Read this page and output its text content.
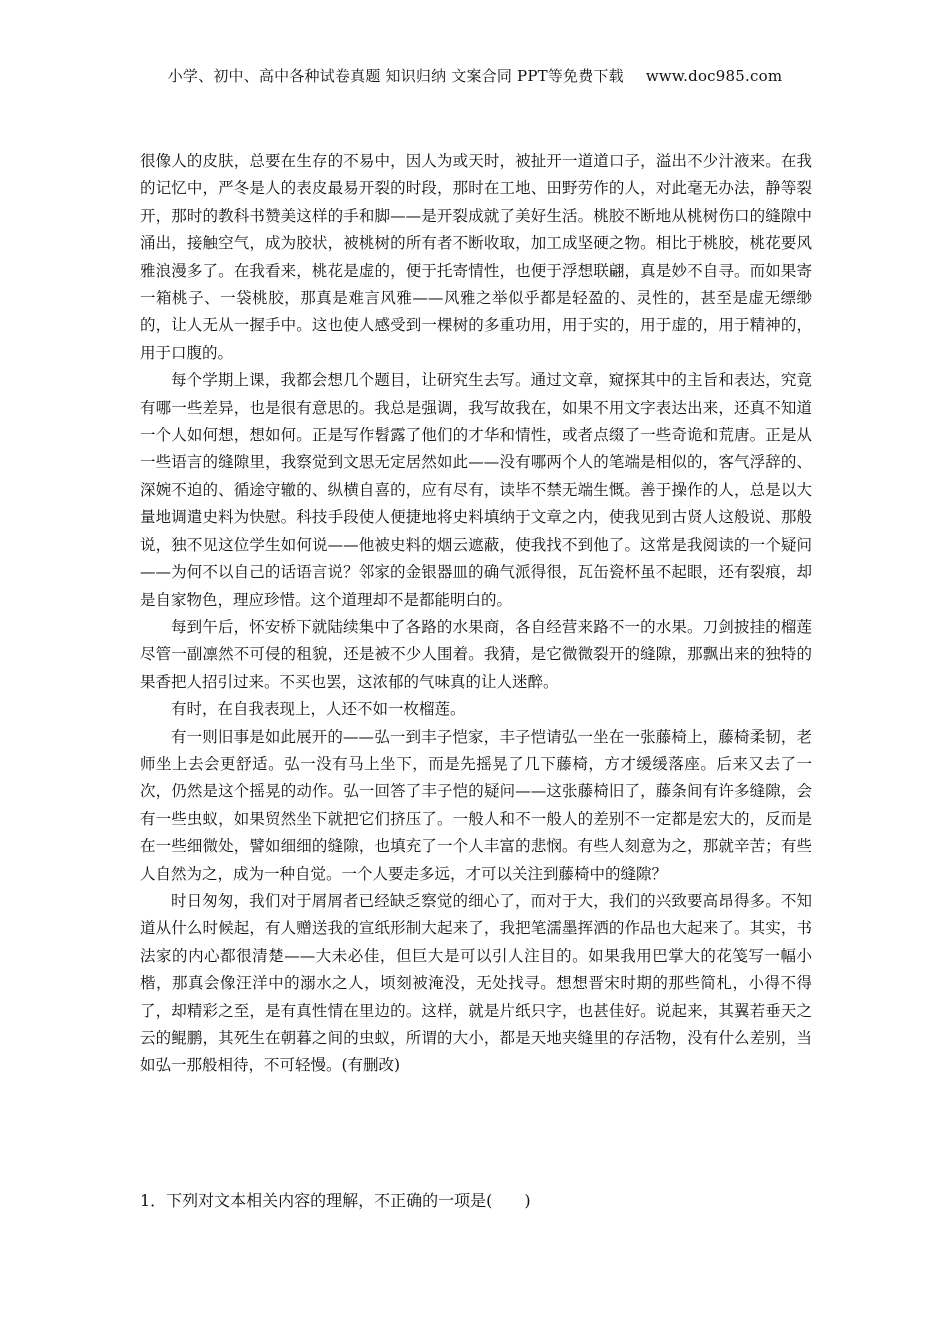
小学、初中、高中各种试卷真题 知识归纳 文案合同 PPT等免费下载 www.doc985.com

很像人的皮肤，总要在生存的不易中，因人为或天时，被扯开一道道口子，溢出不少汁液来。在我的记忆中，严冬是人的表皮最易开裂的时段，那时在工地、田野劳作的人，对此毫无办法，静等裂开，那时的教科书赞美这样的手和脚——是开裂成就了美好生活。桃胶不断地从桃树伤口的缝隙中涌出，接触空气，成为胶状，被桃树的所有者不断收取，加工成坚硬之物。相比于桃胶，桃花要风雅浪漫多了。在我看来，桃花是虚的，便于托寄情性，也便于浮想联翩，真是妙不自寻。而如果寄一箱桃子、一袋桃胶，那真是难言风雅——风雅之举似乎都是轻盈的、灵性的，甚至是虚无缥缈的，让人无从一握手中。这也使人感受到一棵树的多重功用，用于实的，用于虚的，用于精神的，用于口腹的。

每个学期上课，我都会想几个题目，让研究生去写。通过文章，窥探其中的主旨和表达，究竟有哪一些差异，也是很有意思的。我总是强调，我写故我在，如果不用文字表达出来，还真不知道一个人如何想，想如何。正是写作髫露了他们的才华和情性，或者点缀了一些奇诡和荒唐。正是从一些语言的缝隙里，我察觉到文思无定居然如此——没有哪两个人的笔端是相似的，客气浮辞的、深婉不迫的、循途守辙的、纵横自喜的，应有尽有，读毕不禁无端生慨。善于操作的人，总是以大量地调遣史料为快慰。科技手段使人便捷地将史料填纳于文章之内，使我见到古贤人这般说、那般说，独不见这位学生如何说——他被史料的烟云遮蔽，使我找不到他了。这常是我阅读的一个疑问——为何不以自己的话语言说？邻家的金银器皿的确气派得很，瓦缶瓷杯虽不起眼，还有裂痕，却是自家物色，理应珍惜。这个道理却不是都能明白的。

每到午后，怀安桥下就陆续集中了各路的水果商，各自经营来路不一的水果。刀剑披挂的榴莲尽管一副凛然不可侵的租貌，还是被不少人围着。我猜，是它微微裂开的缝隙，那飘出来的独特的果香把人招引过来。不买也罢，这浓郁的气味真的让人迷醉。

有时，在自我表现上，人还不如一枚榴莲。

有一则旧事是如此展开的——弘一到丰子恺家，丰子恺请弘一坐在一张藤椅上，藤椅柔韧，老师坐上去会更舒适。弘一没有马上坐下，而是先摇晃了几下藤椅，方才缓缓落座。后来又去了一次，仍然是这个摇晃的动作。弘一回答了丰子恺的疑问——这张藤椅旧了，藤条间有许多缝隙，会有一些虫蚁，如果贸然坐下就把它们挤压了。一般人和不一般人的差别不一定都是宏大的，反而是在一些细微处，譬如细细的缝隙，也填充了一个人丰富的悲悯。有些人刻意为之，那就辛苦；有些人自然为之，成为一种自觉。一个人要走多远，才可以关注到藤椅中的缝隙？

时日匆匆，我们对于屑屑者已经缺乏察觉的细心了，而对于大，我们的兴致要高昂得多。不知道从什么时候起，有人赠送我的宣纸形制大起来了，我把笔濡墨挥洒的作品也大起来了。其实，书法家的内心都很清楚——大未必佳，但巨大是可以引人注目的。如果我用巴掌大的花笺写一幅小楷，那真会像汪洋中的溺水之人，顷刻被淹没，无处找寻。想想晋宋时期的那些简札，小得不得了，却精彩之至，是有真性情在里边的。这样，就是片纸只字，也甚佳好。说起来，其翼若垂天之云的鲲鹏，其死生在朝暮之间的虫蚁，所谓的大小，都是天地夹缝里的存活物，没有什么差别，当如弘一那般相待，不可轻慢。(有删改)

1．下列对文本相关内容的理解，不正确的一项是(　　)
